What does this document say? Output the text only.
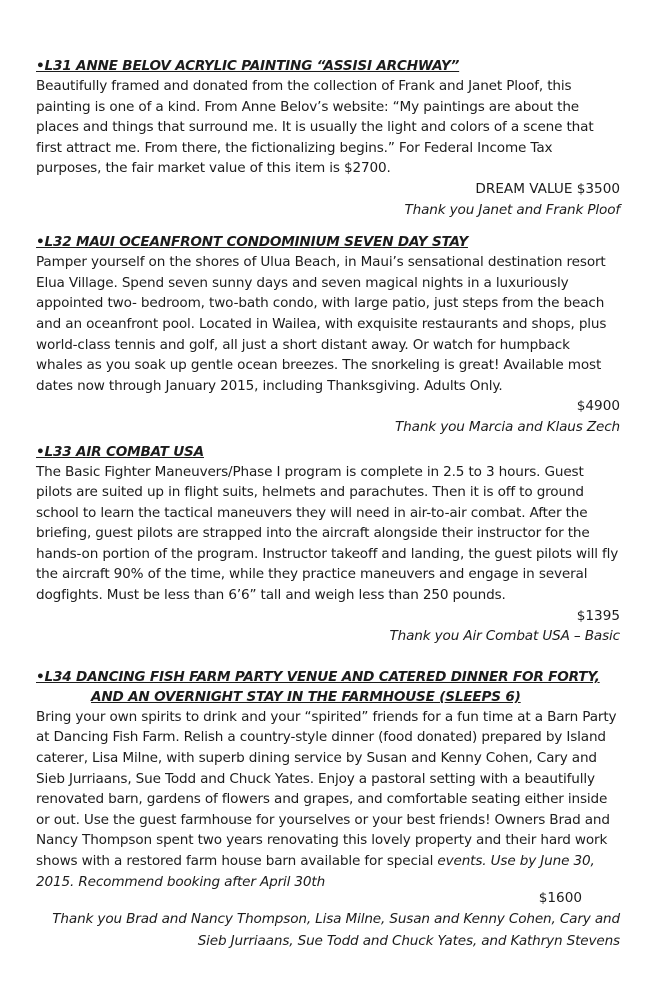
•L31 ANNE BELOV ACRYLIC PAINTING “ASSISI ARCHWAY”

Beautifully framed and donated from the collection of Frank and Janet Ploof, this painting is one of a kind. From Anne Belov’s website: “My paintings are about the places and things that surround me. It is usually the light and colors of a scene that first attract me. From there, the fictionalizing begins.” For Federal Income Tax purposes, the fair market value of this item is $2700.

DREAM VALUE $3500

Thank you Janet and Frank Ploof

•L32 MAUI OCEANFRONT CONDOMINIUM SEVEN DAY STAY

Pamper yourself on the shores of Ulua Beach, in Maui’s sensational destination resort Elua Village. Spend seven sunny days and seven magical nights in a luxuriously appointed two- bedroom, two-bath condo, with large patio, just steps from the beach and an oceanfront pool. Located in Wailea, with exquisite restaurants and shops, plus world-class tennis and golf, all just a short distant away. Or watch for humpback whales as you soak up gentle ocean breezes. The snorkeling is great! Available most dates now through January 2015, including Thanksgiving. Adults Only.

$4900

Thank you Marcia and Klaus Zech

•L33 AIR COMBAT USA

The Basic Fighter Maneuvers/Phase I program is complete in 2.5 to 3 hours. Guest pilots are suited up in flight suits, helmets and parachutes. Then it is off to ground school to learn the tactical maneuvers they will need in air-to-air combat. After the briefing, guest pilots are strapped into the aircraft alongside their instructor for the hands-on portion of the program. Instructor takeoff and landing, the guest pilots will fly the aircraft 90% of the time, while they practice maneuvers and engage in several dogfights. Must be less than 6’6” tall and weigh less than 250 pounds.

$1395

Thank you Air Combat USA – Basic

•L34 DANCING FISH FARM PARTY VENUE AND CATERED DINNER FOR FORTY,
AND AN OVERNIGHT STAY IN THE FARMHOUSE (SLEEPS 6)

Bring your own spirits to drink and your “spirited” friends for a fun time at a Barn Party at Dancing Fish Farm. Relish a country-style dinner (food donated) prepared by Island caterer, Lisa Milne, with superb dining service by Susan and Kenny Cohen, Cary and Sieb Jurriaans, Sue Todd and Chuck Yates. Enjoy a pastoral setting with a beautifully renovated barn, gardens of flowers and grapes, and comfortable seating either inside or out. Use the guest farmhouse for yourselves or your best friends! Owners Brad and Nancy Thompson spent two years renovating this lovely property and their hard work shows with a restored farm house barn available for special events. Use by June 30, 2015. Recommend booking after April 30th

$1600

Thank you Brad and Nancy Thompson, Lisa Milne, Susan and Kenny Cohen, Cary and

Sieb Jurriaans, Sue Todd and Chuck Yates, and Kathryn Stevens
